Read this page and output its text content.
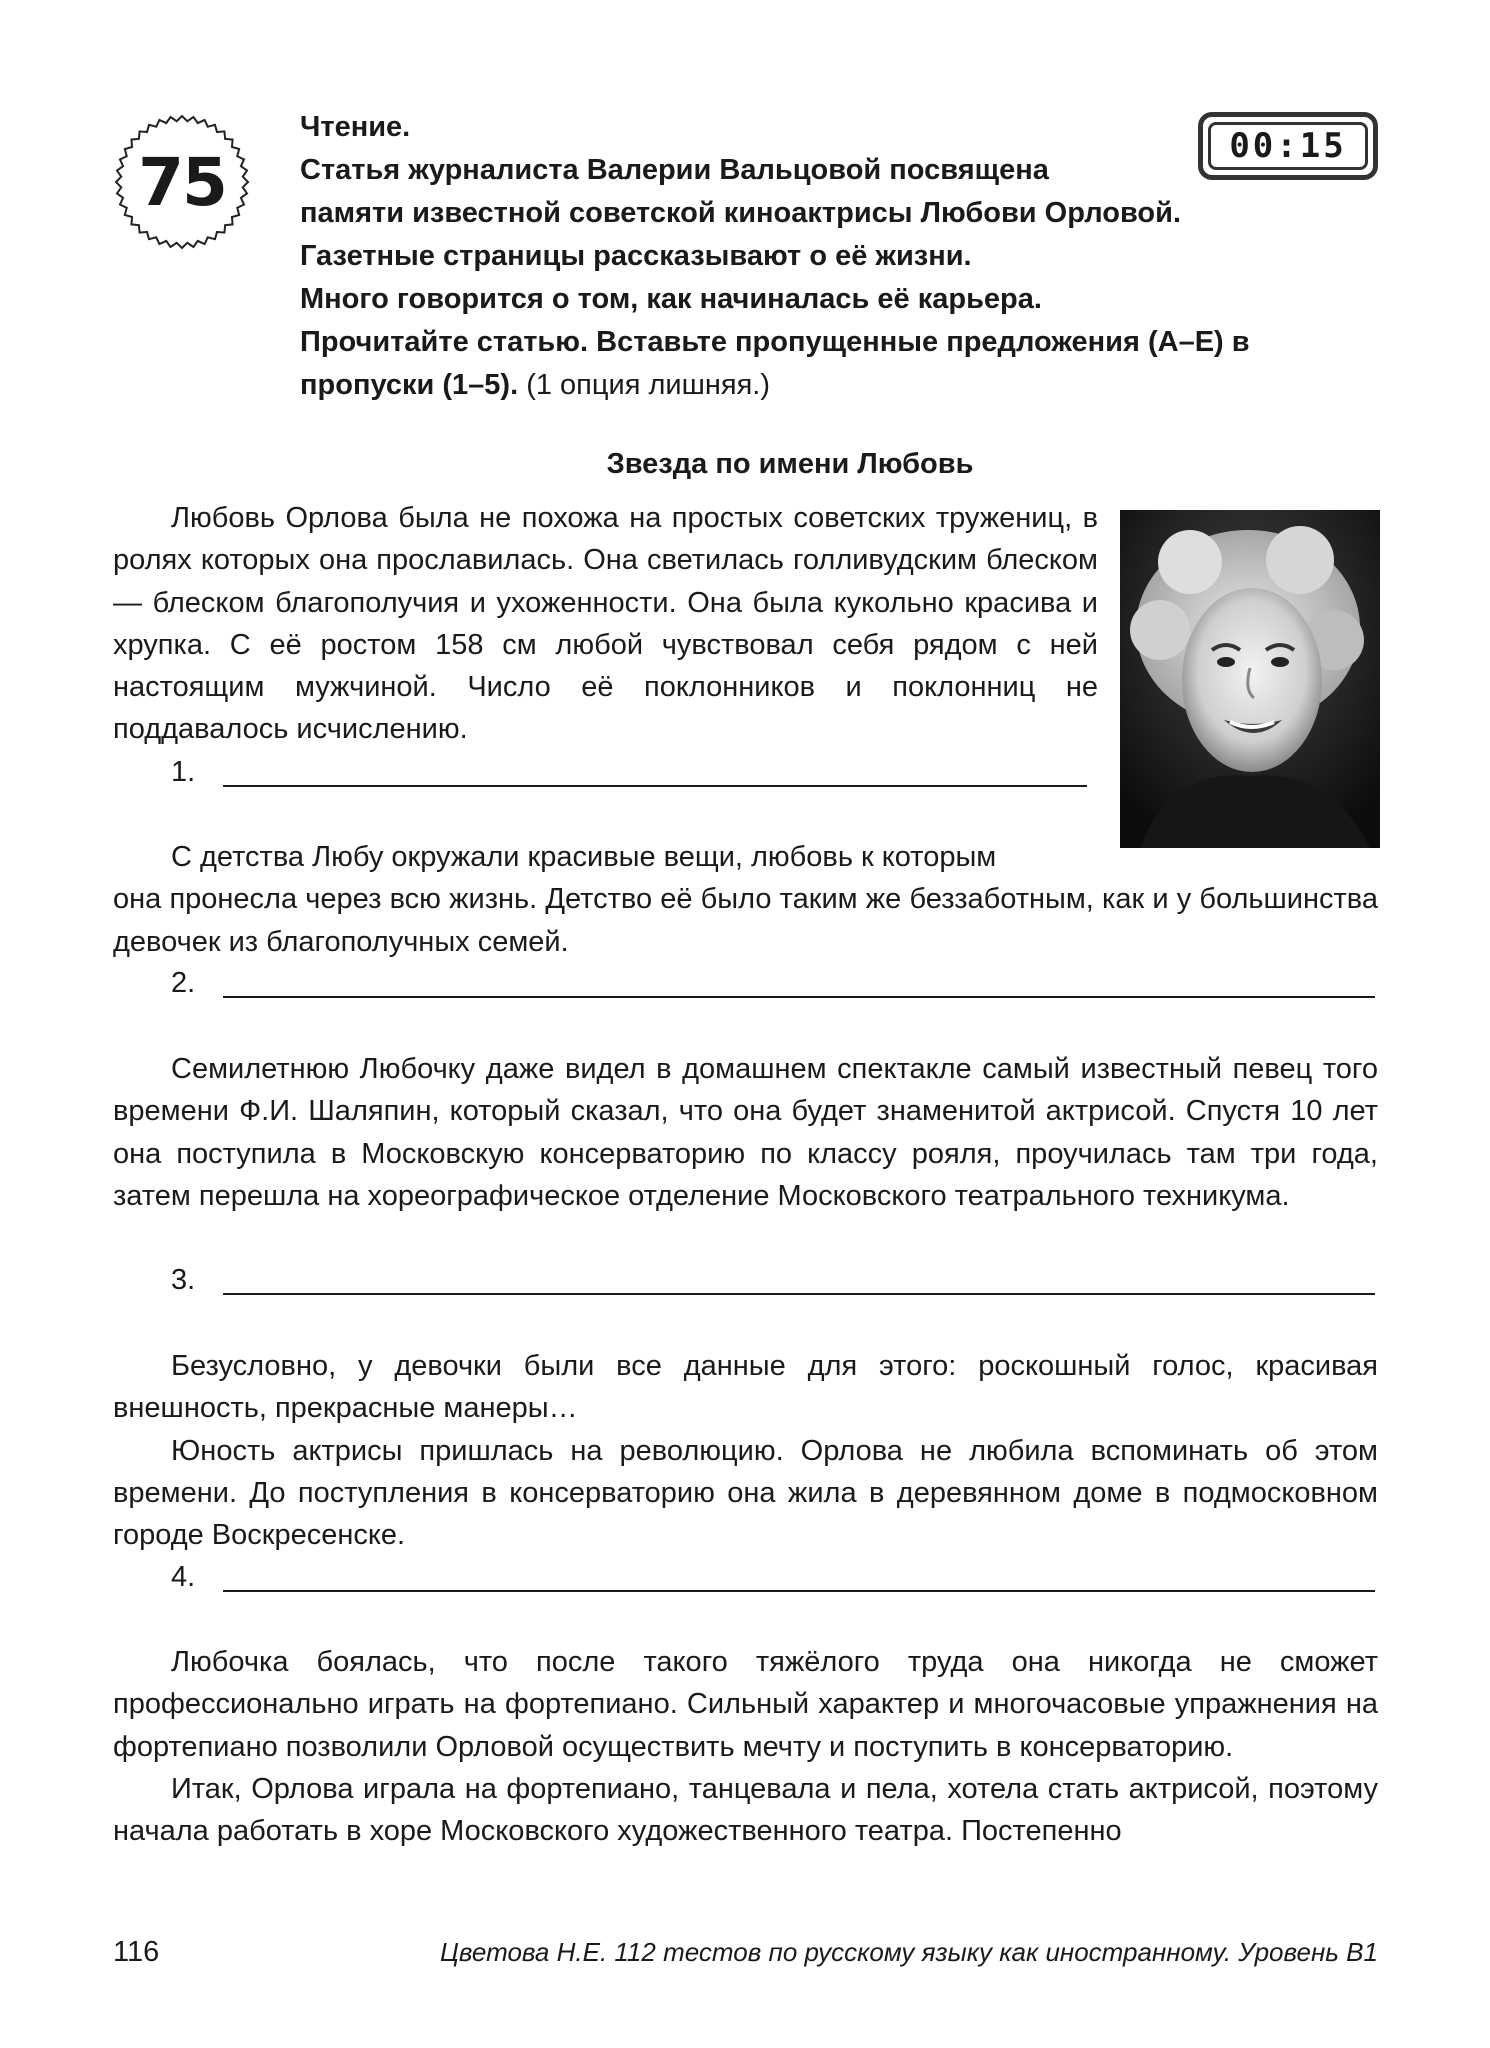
75	00:15

Чтение.

Статья журналиста Валерии Вальцовой посвящена

памяти известной советской киноактрисы Любови Орловой.

Газетные страницы рассказывают о её жизни.

Много говорится о том, как начиналась её карьера.

Прочитайте статью. Вставьте пропущенные предложения (А–Е) в

пропуски (1–5). (1 опция лишняя.)

Звезда по имени Любовь

Любовь Орлова была не похожа на простых советских тружениц, в ролях которых она прославилась. Она светилась голливудским блеском — блеском благополучия и ухоженности. Она была кукольно красива и хрупка. С её ростом 158 см любой чувствовал себя рядом с ней настоящим мужчиной. Число её поклонников и поклонниц не поддавалось исчислению.

1.

С детства Любу окружали красивые вещи, любовь к которым

она пронесла через всю жизнь. Детство её было таким же беззаботным, как и у большинства девочек из благополучных семей.

2.

Семилетнюю Любочку даже видел в домашнем спектакле самый известный певец того времени Ф.И. Шаляпин, который сказал, что она будет знаменитой актрисой. Спустя 10 лет она поступила в Московскую консерваторию по классу рояля, проучилась там три года, затем перешла на хореографическое отделение Московского театрального техникума.

3.

Безусловно, у девочки были все данные для этого: роскошный голос, красивая внешность, прекрасные манеры…

Юность актрисы пришлась на революцию. Орлова не любила вспоминать об этом времени. До поступления в консерваторию она жила в деревянном доме в подмосковном городе Воскресенске.

4.

Любочка боялась, что после такого тяжёлого труда она никогда не сможет профессионально играть на фортепиано. Сильный характер и многочасовые упражнения на фортепиано позволили Орловой осуществить мечту и поступить в консерваторию.

Итак, Орлова играла на фортепиано, танцевала и пела, хотела стать актрисой, поэтому начала работать в хоре Московского художественного театра. Постепенно

116	Цветова Н.Е. 112 тестов по русскому языку как иностранному. Уровень В1
